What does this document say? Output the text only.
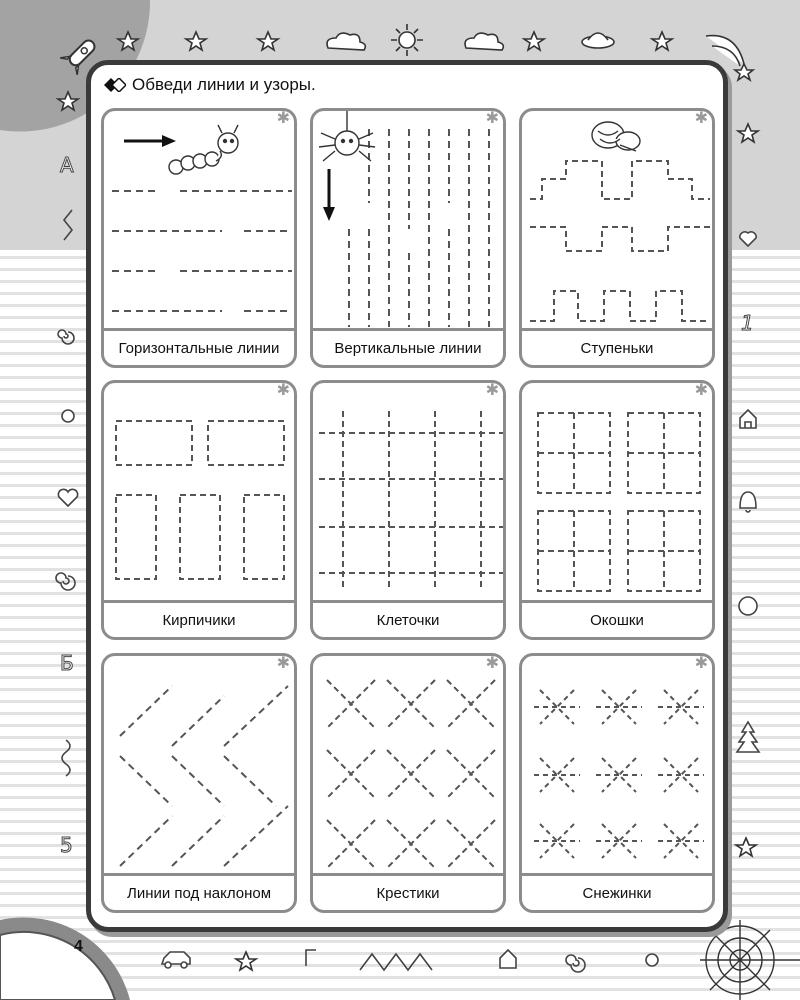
А
Б
5
1
Обведи линии и узоры.
✱
Горизонтальные линии
✱
Вертикальные линии
✱
Ступеньки
✱
Кирпичики
✱
Клеточки
✱
Окошки
✱
Линии под наклоном
✱
Крестики
✱
Снежинки
4
